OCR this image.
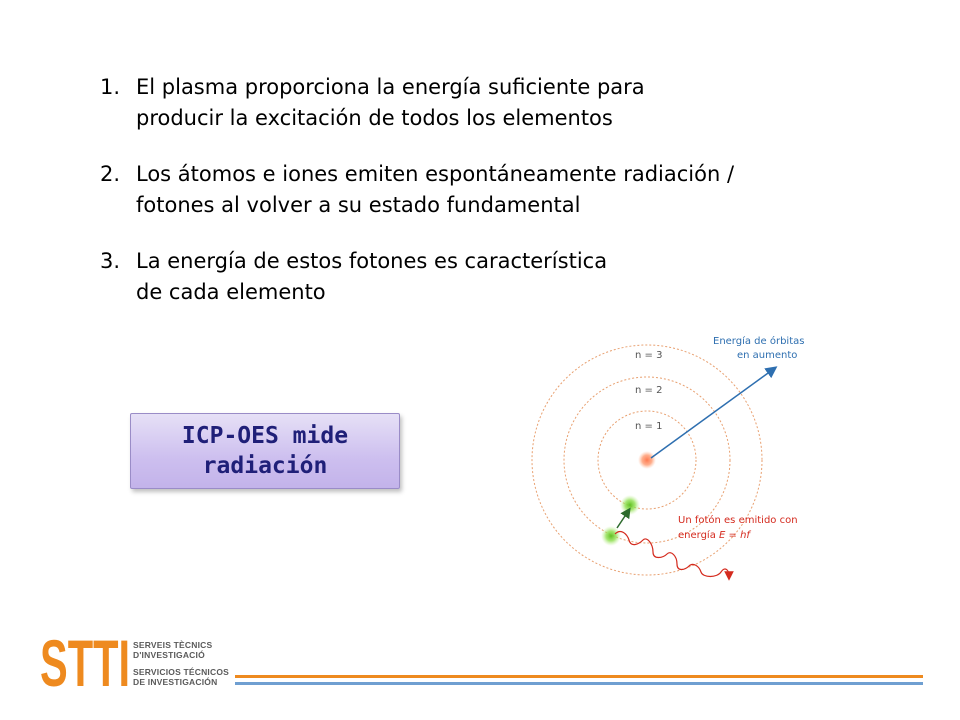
1. El plasma proporciona la energía suficiente para
producir la excitación de todos los elementos
2. Los átomos e iones emiten espontáneamente radiación /
fotones al volver a su estado fundamental
3. La energía de estos fotones es característica
de cada elemento
ICP-OES mide
radiación
n = 3
n = 2
n = 1
Energía de órbitas
en aumento
Un fotón es emitido con
energía E = hf
STTI SERVEIS TÈCNICS
D'INVESTIGACIÓ
SERVICIOS TÉCNICOS
DE INVESTIGACIÓN
